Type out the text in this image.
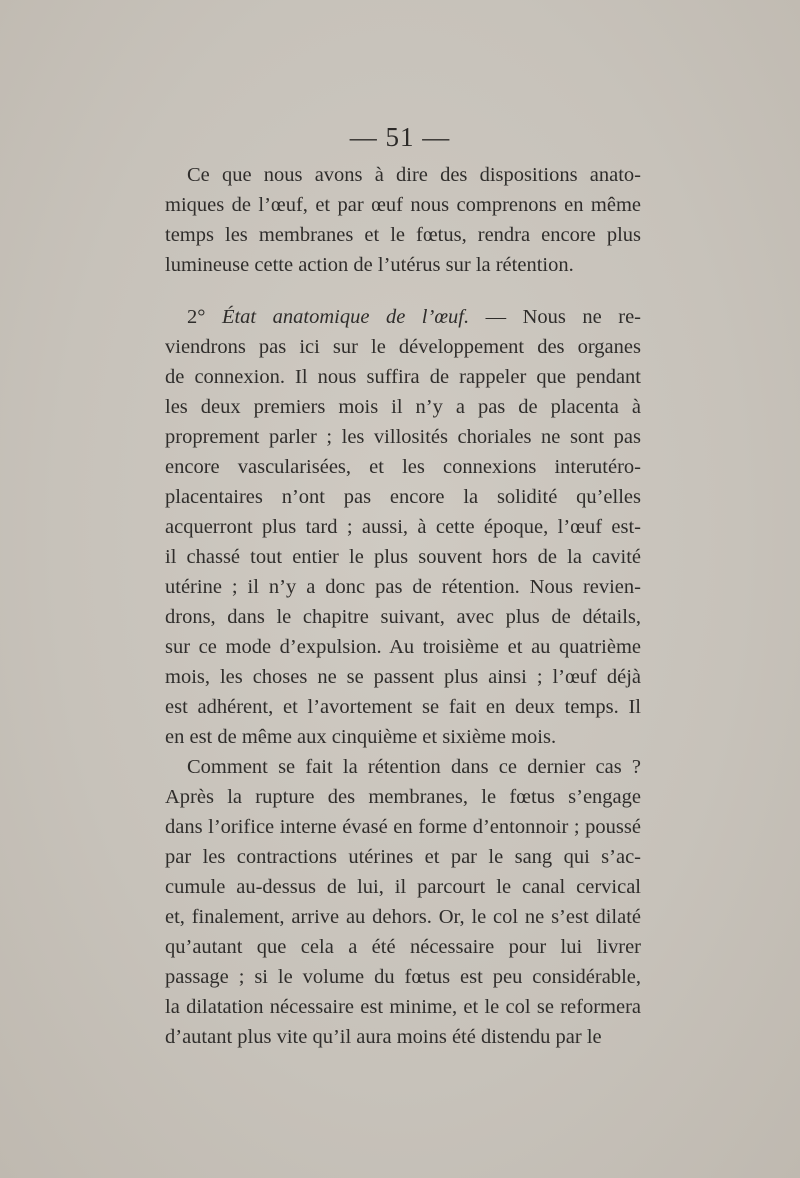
— 51 —
Ce que nous avons à dire des dispositions anato-
miques de l’œuf, et par œuf nous comprenons en même
temps les membranes et le fœtus, rendra encore plus
lumineuse cette action de l’utérus sur la rétention.
2° État anatomique de l’œuf. — Nous ne re-
viendrons pas ici sur le développement des organes
de connexion. Il nous suffira de rappeler que pendant
les deux premiers mois il n’y a pas de placenta à
proprement parler ; les villosités choriales ne sont pas
encore vascularisées, et les connexions interutéro-
placentaires n’ont pas encore la solidité qu’elles
acquerront plus tard ; aussi, à cette époque, l’œuf est-
il chassé tout entier le plus souvent hors de la cavité
utérine ; il n’y a donc pas de rétention. Nous revien-
drons, dans le chapitre suivant, avec plus de détails,
sur ce mode d’expulsion. Au troisième et au quatrième
mois, les choses ne se passent plus ainsi ; l’œuf déjà
est adhérent, et l’avortement se fait en deux temps. Il
en est de même aux cinquième et sixième mois.
Comment se fait la rétention dans ce dernier cas ?
Après la rupture des membranes, le fœtus s’engage
dans l’orifice interne évasé en forme d’entonnoir ; poussé
par les contractions utérines et par le sang qui s’ac-
cumule au-dessus de lui, il parcourt le canal cervical
et, finalement, arrive au dehors. Or, le col ne s’est dilaté
qu’autant que cela a été nécessaire pour lui livrer
passage ; si le volume du fœtus est peu considérable,
la dilatation nécessaire est minime, et le col se reformera
d’autant plus vite qu’il aura moins été distendu par le
